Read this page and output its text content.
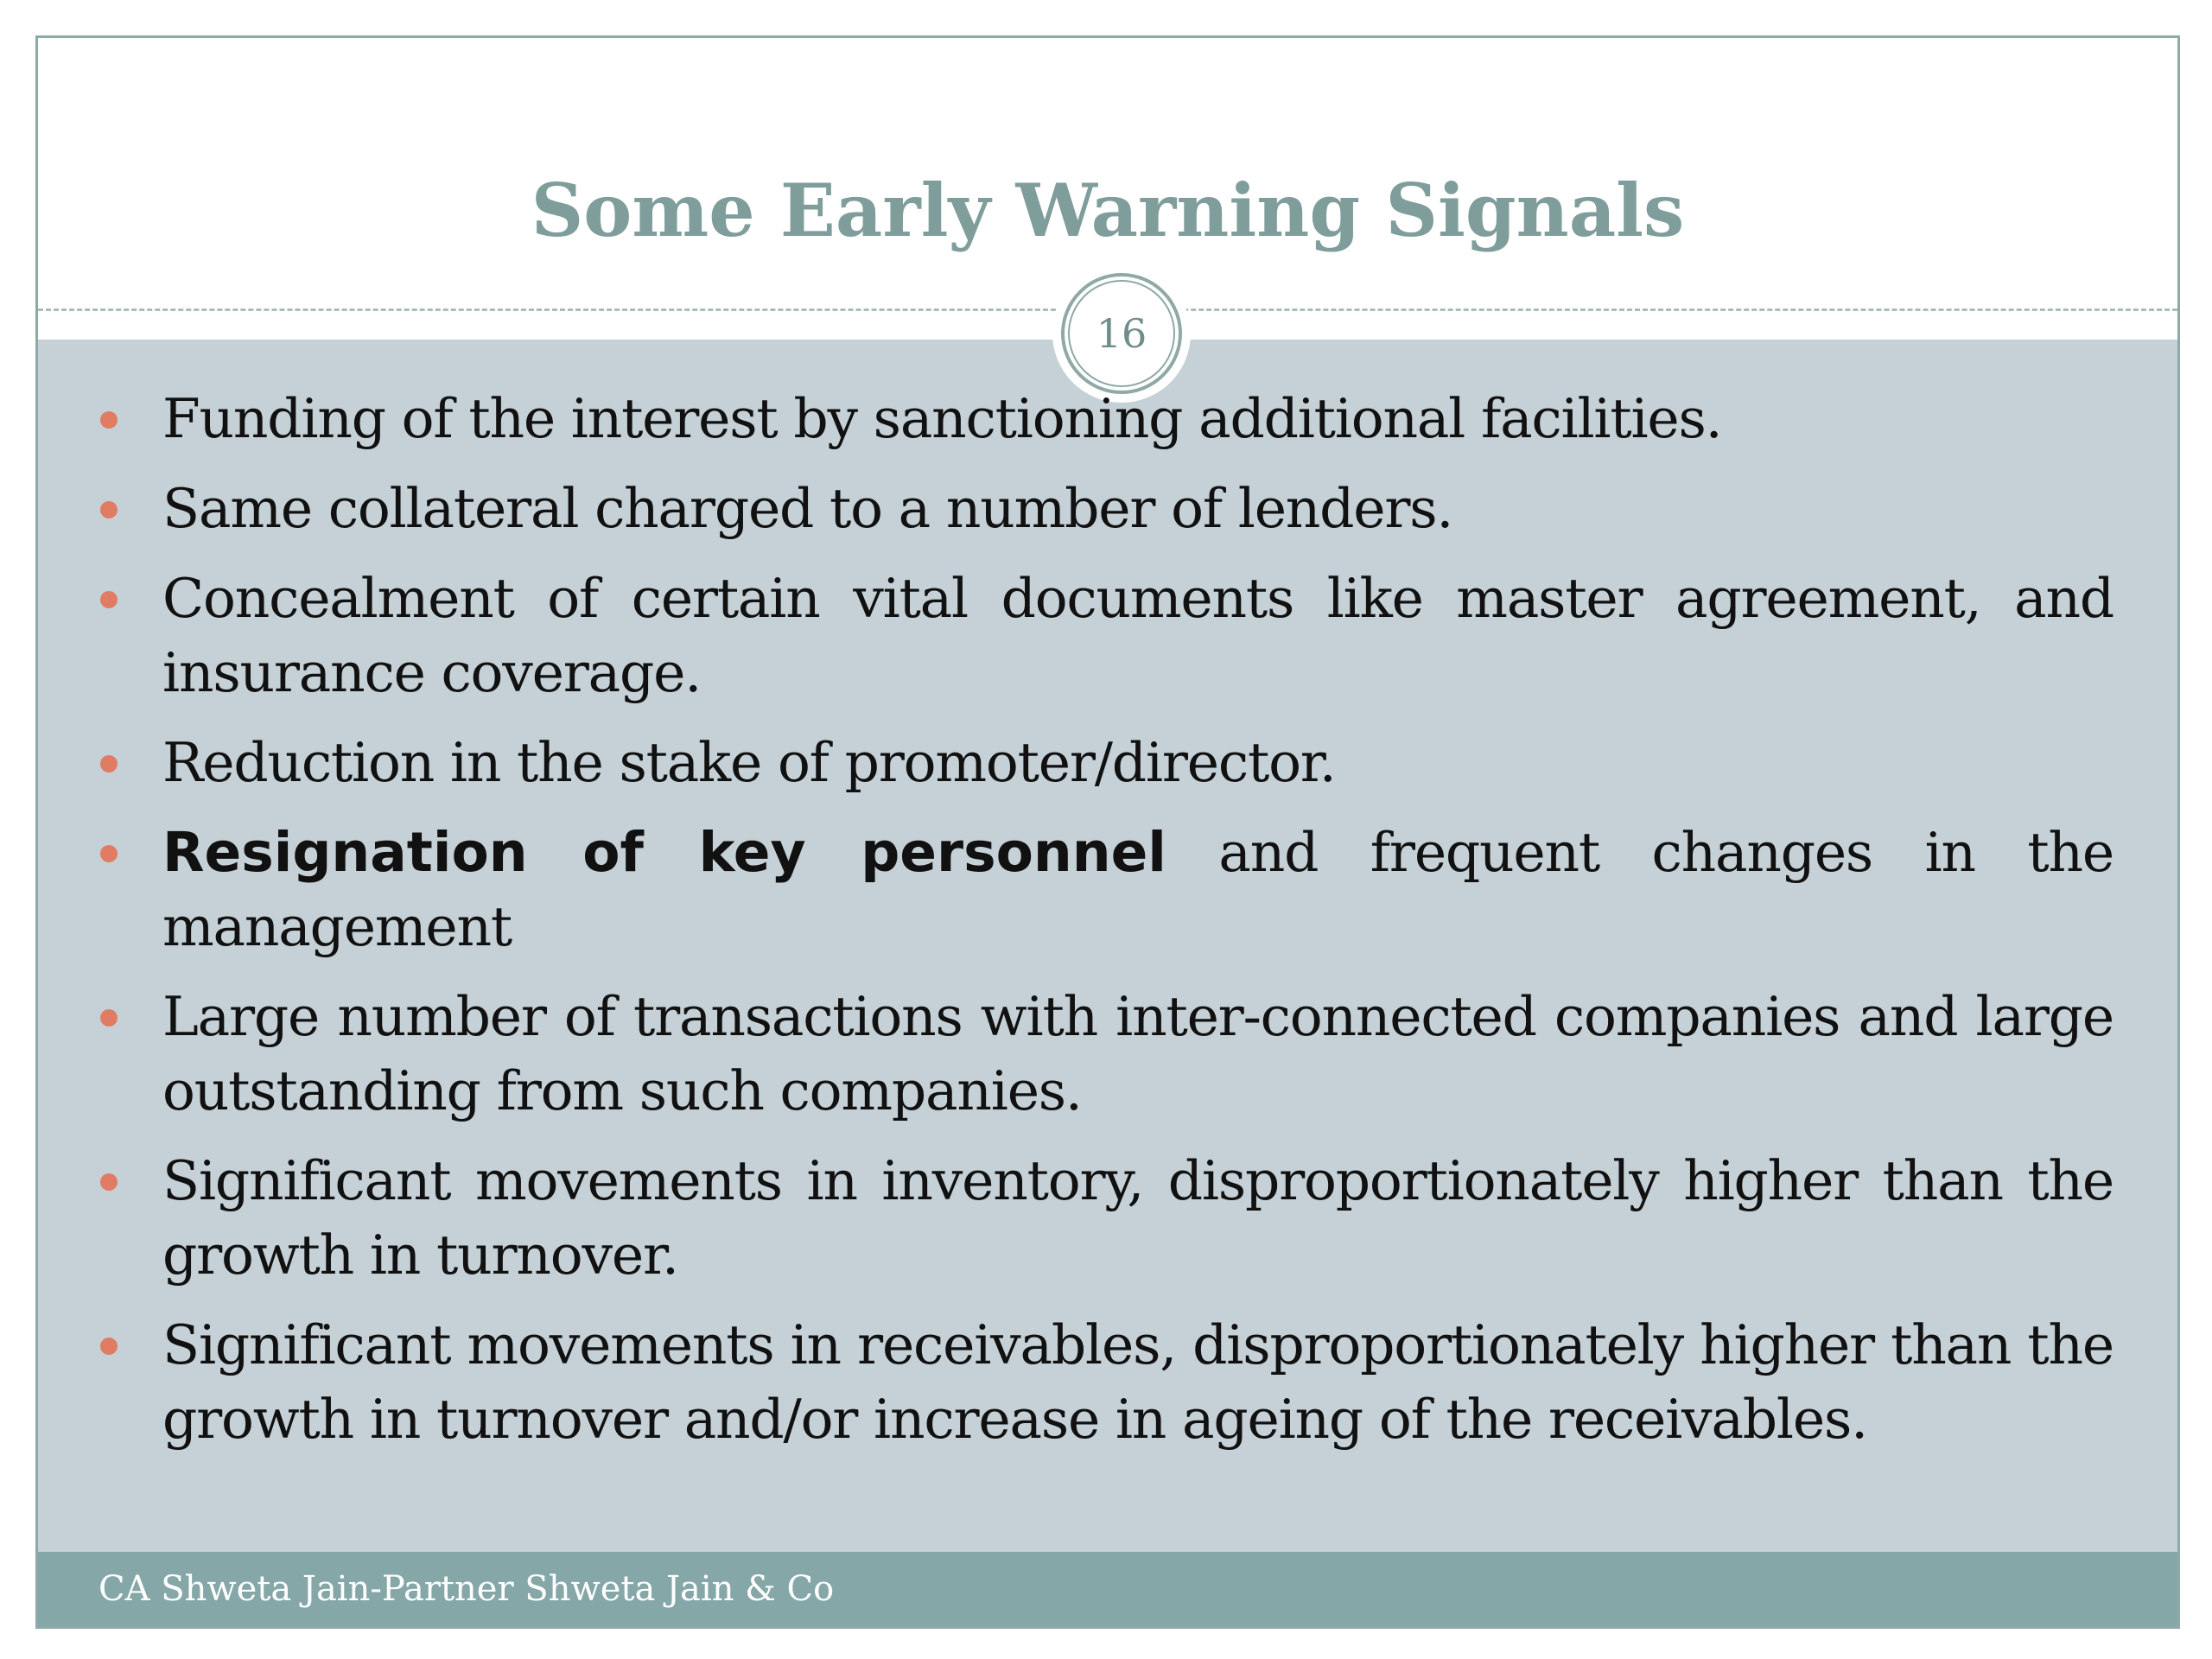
Some Early Warning Signals
16
Funding of the interest by sanctioning additional facilities.
Same collateral charged to a number of lenders.
Concealment of certain vital documents like master agreement, and insurance coverage.
Reduction in the stake of promoter/director.
Resignation of key personnel and frequent changes in the management
Large number of transactions with inter-connected companies and large outstanding from such companies.
Significant movements in inventory, disproportionately higher than the growth in turnover.
Significant movements in receivables, disproportionately higher than the growth in turnover and/or increase in ageing of the receivables.
CA Shweta Jain-Partner Shweta Jain & Co
